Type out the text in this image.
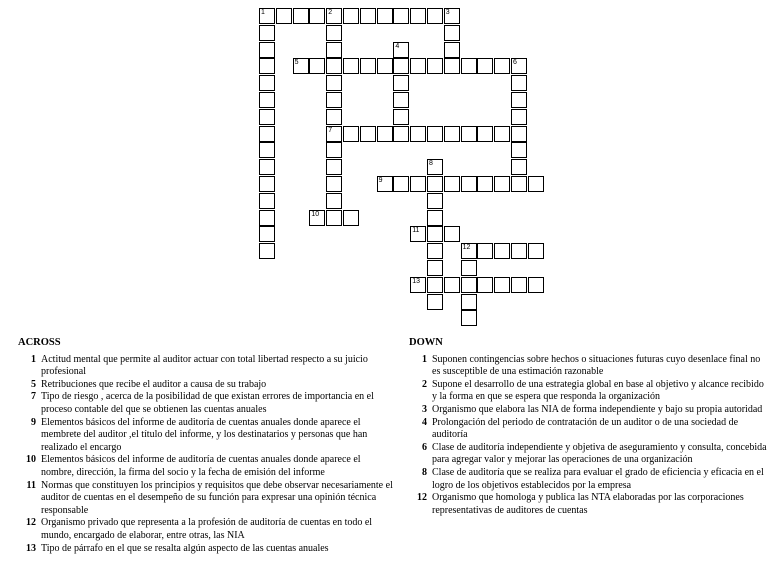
1	2
7
3
4
5	6
8
9
10
11
12
13
ACROSS
1 Actitud mental que permite al auditor actuar con total libertad respecto a su juicio profesional
5 Retribuciones que recibe el auditor a causa de su trabajo
7 Tipo de riesgo , acerca de la posibilidad de que existan errores de importancia en el proceso contable del que se obtienen las cuentas anuales
9 Elementos básicos del informe de auditoría de cuentas anuales donde aparece el membrete del auditor ,el título del informe, y los destinatarios y personas que han realizado el encargo
10 Elementos básicos del informe de auditoría de cuentas anuales donde aparece el nombre, dirección, la firma del socio y la fecha de emisión del informe
11 Normas que constituyen los principios y requisitos que debe observar necesariamente el auditor de cuentas en el desempeño de su función para expresar una opinión técnica responsable
12 Organismo privado que representa a la profesión de auditoría de cuentas en todo el mundo, encargado de elaborar, entre otras, las NIA
13 Tipo de párrafo en el que se resalta algún aspecto de las cuentas anuales
DOWN
1 Suponen contingencias sobre hechos o situaciones futuras cuyo desenlace final no es susceptible de una estimación razonable
2 Supone el desarrollo de una estrategia global en base al objetivo y alcance recibido y la forma en que se espera que responda la organización
3 Organismo que elabora las NIA de forma independiente y bajo su propia autoridad
4 Prolongación del periodo de contratación de un auditor o de una sociedad de auditoría
6 Clase de auditoría independiente y objetiva de aseguramiento y consulta, concebida para agregar valor y mejorar las operaciones de una organización
8 Clase de auditoría que se realiza para evaluar el grado de eficiencia y eficacia en el logro de los objetivos establecidos por la empresa
12 Organismo que homologa y publica las NTA elaboradas por las corporaciones representativas de auditores de cuentas
